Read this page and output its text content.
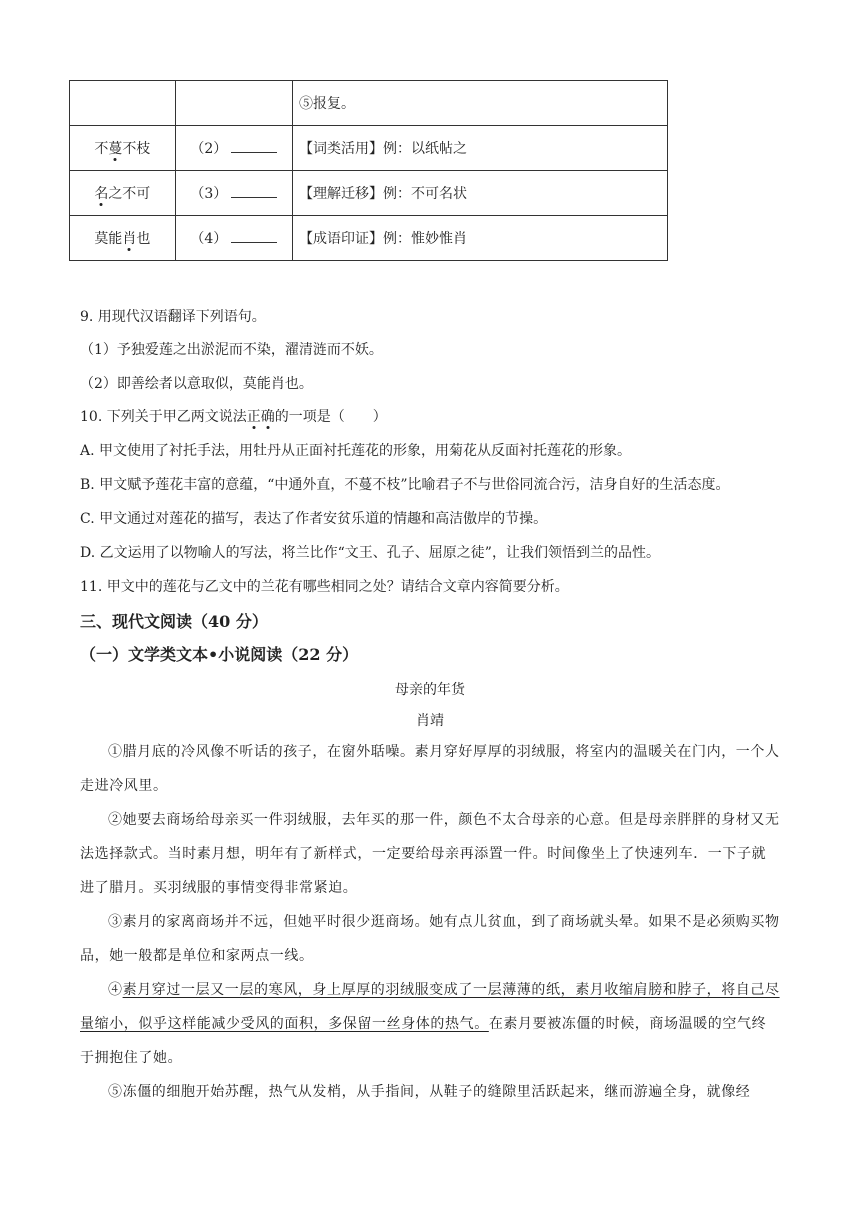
		⑤报复。
不蔓不枝	（2）	【词类活用】例：以纸帖之
名之不可	（3）	【理解迁移】例：不可名状
莫能肖也	（4）	【成语印证】例：惟妙惟肖
9. 用现代汉语翻译下列语句。
（1）予独爱莲之出淤泥而不染，濯清涟而不妖。
（2）即善绘者以意取似，莫能肖也。
10. 下列关于甲乙两文说法正确的一项是（　　）
A. 甲文使用了衬托手法，用牡丹从正面衬托莲花的形象，用菊花从反面衬托莲花的形象。
B. 甲文赋予莲花丰富的意蕴，“中通外直，不蔓不枝”比喻君子不与世俗同流合污，洁身自好的生活态度。
C. 甲文通过对莲花的描写，表达了作者安贫乐道的情趣和高洁傲岸的节操。
D. 乙文运用了以物喻人的写法，将兰比作“文王、孔子、屈原之徒”，让我们领悟到兰的品性。
11. 甲文中的莲花与乙文中的兰花有哪些相同之处？请结合文章内容简要分析。
三、现代文阅读（40 分）
（一）文学类文本•小说阅读（22 分）
母亲的年货
肖靖
①腊月底的冷风像不听话的孩子，在窗外聒噪。素月穿好厚厚的羽绒服，将室内的温暖关在门内，一个人走进冷风里。
②她要去商场给母亲买一件羽绒服，去年买的那一件，颜色不太合母亲的心意。但是母亲胖胖的身材又无法选择款式。当时素月想，明年有了新样式，一定要给母亲再添置一件。时间像坐上了快速列车．一下子就进了腊月。买羽绒服的事情变得非常紧迫。
③素月的家离商场并不远，但她平时很少逛商场。她有点儿贫血，到了商场就头晕。如果不是必须购买物品，她一般都是单位和家两点一线。
④素月穿过一层又一层的寒风，身上厚厚的羽绒服变成了一层薄薄的纸，素月收缩肩膀和脖子，将自己尽量缩小，似乎这样能减少受风的面积，多保留一丝身体的热气。在素月要被冻僵的时候，商场温暖的空气终于拥抱住了她。
⑤冻僵的细胞开始苏醒，热气从发梢，从手指间，从鞋子的缝隙里活跃起来，继而游遍全身，就像经
